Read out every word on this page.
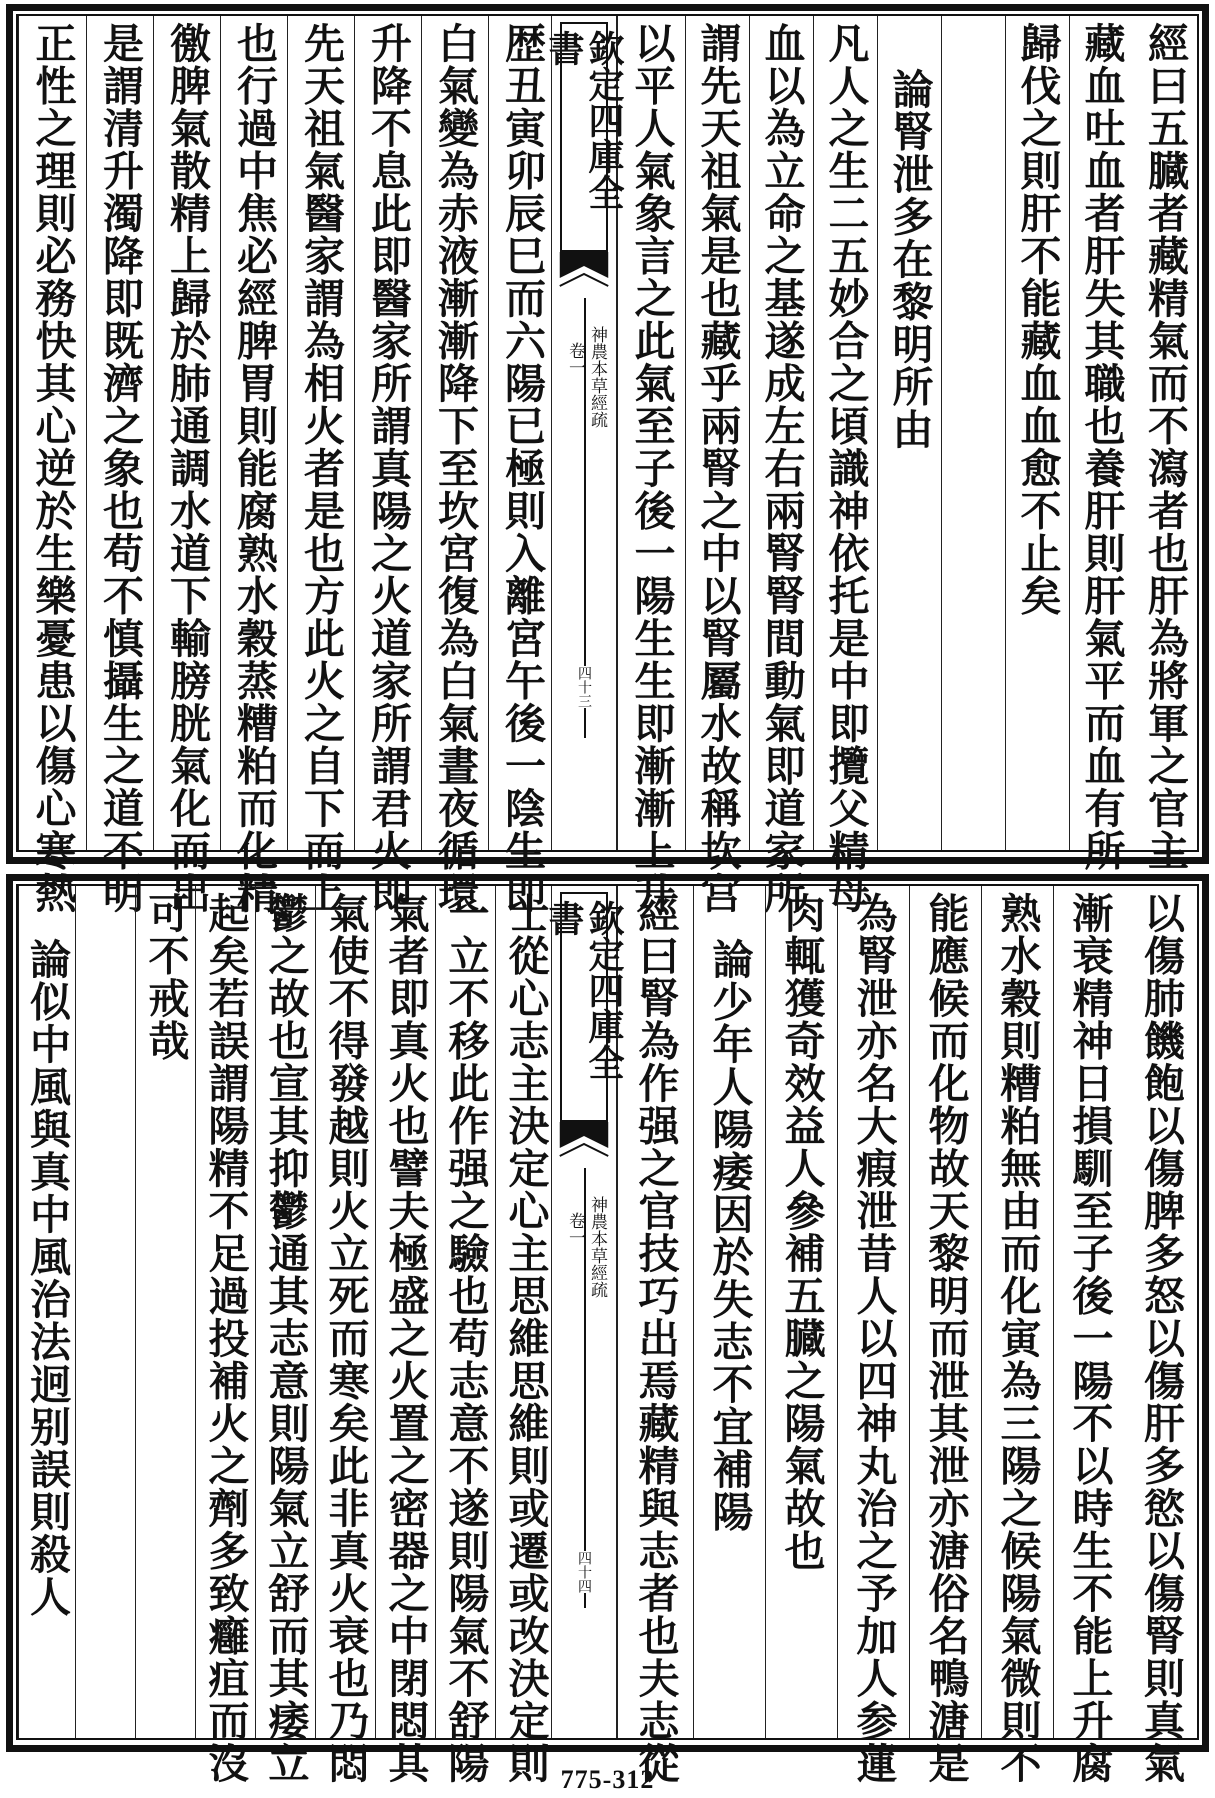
經曰五臓者藏精氣而不瀉者也肝為將軍之官主
藏血吐血者肝失其職也養肝則肝氣平而血有所
歸伐之則肝不能藏血血愈不止矣
論腎泄多在黎明所由
凡人之生二五妙合之頃識神依托是中即攬父精母
血以為立命之基遂成左右兩腎腎間動氣即道家所
謂先天祖氣是也藏乎兩腎之中以腎屬水故稱坎宫
以平人氣象言之此氣至子後一陽生生即漸漸上升
欽定四庫全書
神農本草經疏
卷一
四十三
歴丑寅卯辰巳而六陽已極則入離宮午後一陰生即
白氣變為赤液漸漸降下至坎宮復為白氣晝夜循環
升降不息此即醫家所謂真陽之火道家所謂君火即
先天祖氣醫家謂為相火者是也方此火之自下而上
也行過中焦必經脾胃則能腐熟水穀蒸糟粕而化精
徼脾氣散精上歸於肺通調水道下輸膀胱氣化而出
是謂清升濁降即既濟之象也苟不慎攝生之道不明
正性之理則必務快其心逆於生樂憂患以傷心寒熱
以傷肺饑飽以傷脾多怒以傷肝多慾以傷腎則真氣
漸衰精神日損馴至子後一陽不以時生不能上升腐
熟水穀則糟粕無由而化寅為三陽之候陽氣微則不
能應候而化物故天黎明而泄其泄亦溏俗名鴨溏是
為腎泄亦名大瘕泄昔人以四神丸治之予加人参蓮
肉輒獲奇效益人參補五臓之陽氣故也
論少年人陽痿因於失志不宜補陽
經曰腎為作强之官技巧出焉藏精與志者也夫志從
欽定四庫全書
神農本草經疏
卷一
四十四
士從心志主決定心主思維思維則或遷或改決定則
一立不移此作强之驗也苟志意不遂則陽氣不舒陽
氣者即真火也譬夫極盛之火置之密器之中閉悶其
氣使不得發越則火立死而寒矣此非真火衰也乃悶
鬱之故也宣其抑鬱通其志意則陽氣立舒而其痿立
起矣若誤謂陽精不足過投補火之劑多致癰疽而沒
可不戒哉
論似中風與真中風治法迥别誤則殺人
775-312
